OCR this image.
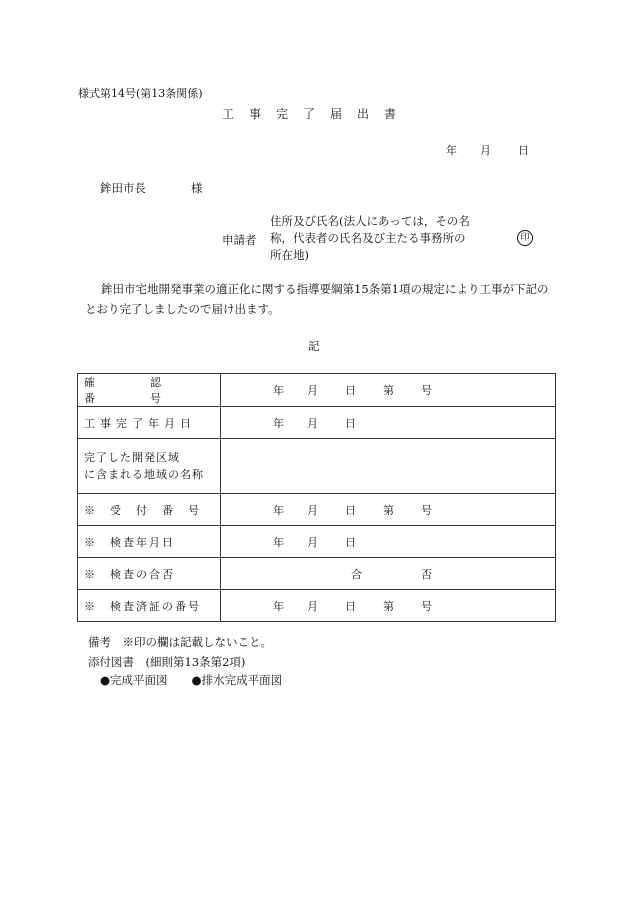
様式第14号(第13条関係)
工事完了届出書
年 月 日
鉾田市長	様
申請者
住所及び氏名(法人にあっては，その名称，代表者の氏名及び主たる事務所の所在地)
印
鉾田市宅地開発事業の適正化に関する指導要綱第15条第1項の規定により工事が下記のとおり完了しましたので届け出ます。
記
確　認　番　号	年 月 日 第 号

工事完了年月日	年 月 日

完了した開発区域
に含まれる地域の名称	

※　受　付　番　号	年 月 日 第 号

※　検査年月日	年 月 日

※　検査の合否	合 否

※　検査済証の番号	年 月 日 第 号
備考　※印の欄は記載しないこと。
添付図書　(細則第13条第2項)
●完成平面図 ●排水完成平面図
